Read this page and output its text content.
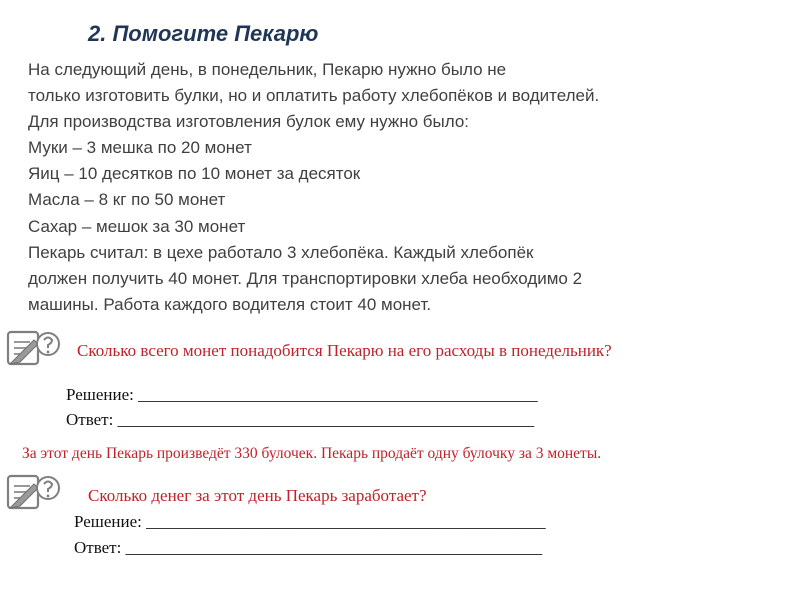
2. Помогите Пекарю
На следующий день, в понедельник, Пекарю нужно было не
только изготовить булки, но и оплатить работу хлебопёков и водителей.
Для производства изготовления булок ему нужно было:
Муки – 3 мешка по 20 монет
Яиц – 10 десятков по 10 монет за десяток
Масла – 8 кг по 50 монет
Сахар – мешок за 30 монет
Пекарь считал: в цехе работало 3 хлебопёка. Каждый хлебопёк
должен получить 40 монет. Для транспортировки хлеба необходимо 2
машины. Работа каждого водителя стоит 40 монет.
Сколько всего монет понадобится Пекарю на его расходы в понедельник?
Решение: _______________________________________________
Ответ: _________________________________________________
За этот день Пекарь произведёт 330 булочек. Пекарь продаёт одну булочку за 3 монеты.
Сколько денег за этот день Пекарь заработает?
Решение: _______________________________________________
Ответ: _________________________________________________
